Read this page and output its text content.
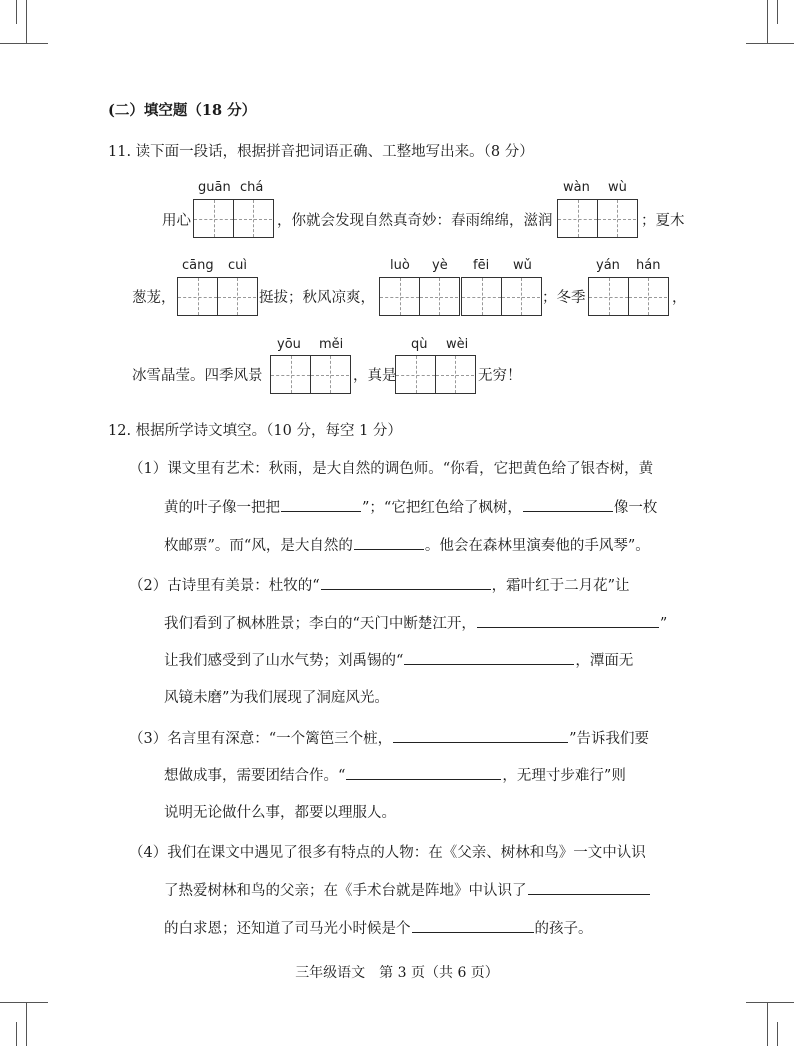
(二）填空题（18 分）
11. 读下面一段话，根据拼音把词语正确、工整地写出来。（8 分）
guān chá	wàn wù
用心	，你就会发现自然真奇妙：春雨绵绵，滋润	；夏木
cāng cuì	luò yè fēi wǔ	yán hán
葱茏，	挺拔；秋风凉爽，	；冬季	，
yōu měi	qù wèi
冰雪晶莹。四季风景	，真是	无穷！
12. 根据所学诗文填空。（10 分，每空 1 分）
（1）课文里有艺术：秋雨，是大自然的调色师。“你看，它把黄色给了银杏树，黄
黄的叶子像一把把	”；“它把红色给了枫树，	像一枚
枚邮票”。而“风，是大自然的	。他会在森林里演奏他的手风琴”。
（2）古诗里有美景：杜牧的“	，霜叶红于二月花”让
我们看到了枫林胜景；李白的“天门中断楚江开，	”
让我们感受到了山水气势；刘禹锡的“	，潭面无
风镜未磨”为我们展现了洞庭风光。
（3）名言里有深意：“一个篱笆三个桩，	”告诉我们要
想做成事，需要团结合作。“	，无理寸步难行”则
说明无论做什么事，都要以理服人。
（4）我们在课文中遇见了很多有特点的人物：在《父亲、树林和鸟》一文中认识
了热爱树林和鸟的父亲；在《手术台就是阵地》中认识了
的白求恩；还知道了司马光小时候是个	的孩子。
三年级语文　第 3 页（共 6 页）
